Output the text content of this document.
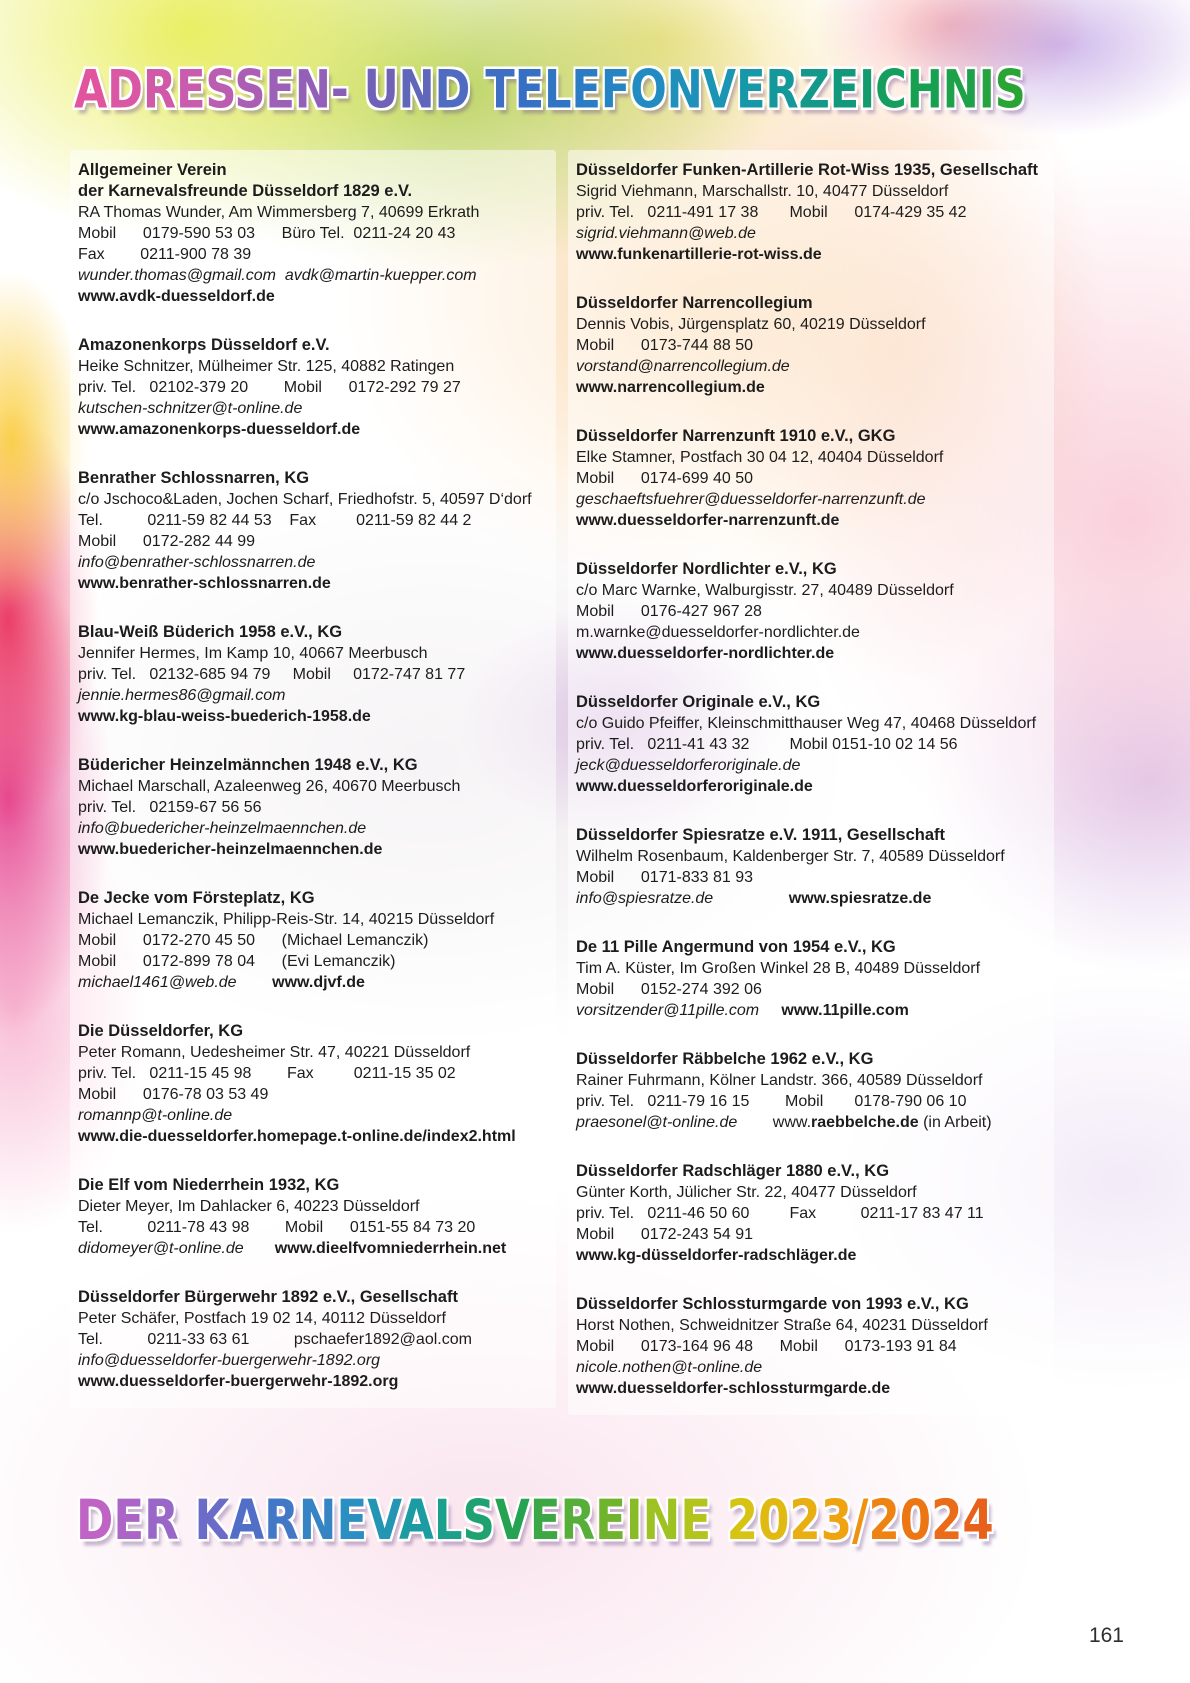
ADRESSEN- UND TELEFONVERZEICHNIS
Allgemeiner Verein
der Karnevalsfreunde Düsseldorf 1829 e.V.
RA Thomas Wunder, Am Wimmersberg 7, 40699 Erkrath
Mobil      0179-590 53 03      Büro Tel.  0211-24 20 43
Fax        0211-900 78 39
wunder.thomas@gmail.com  avdk@martin-kuepper.com
www.avdk-duesseldorf.de
Amazonenkorps Düsseldorf e.V.
Heike Schnitzer, Mülheimer Str. 125, 40882 Ratingen
priv. Tel.   02102-379 20        Mobil      0172-292 79 27
kutschen-schnitzer@t-online.de
www.amazonenkorps-duesseldorf.de
Benrather Schlossnarren, KG
c/o Jschoco&Laden, Jochen Scharf, Friedhofstr. 5, 40597 D‘dorf
Tel.          0211-59 82 44 53    Fax         0211-59 82 44 2
Mobil      0172-282 44 99
info@benrather-schlossnarren.de
www.benrather-schlossnarren.de
Blau-Weiß Büderich 1958 e.V., KG
Jennifer Hermes, Im Kamp 10, 40667 Meerbusch
priv. Tel.   02132-685 94 79     Mobil     0172-747 81 77
jennie.hermes86@gmail.com
www.kg-blau-weiss-buederich-1958.de
Büdericher Heinzelmännchen 1948 e.V., KG
Michael Marschall, Azaleenweg 26, 40670 Meerbusch
priv. Tel.   02159-67 56 56
info@buedericher-heinzelmaennchen.de
www.buedericher-heinzelmaennchen.de
De Jecke vom Försteplatz, KG
Michael Lemanczik, Philipp-Reis-Str. 14, 40215 Düsseldorf
Mobil      0172-270 45 50      (Michael Lemanczik)
Mobil      0172-899 78 04      (Evi Lemanczik)
michael1461@web.de www.djvf.de
Die Düsseldorfer, KG
Peter Romann, Uedesheimer Str. 47, 40221 Düsseldorf
priv. Tel.   0211-15 45 98        Fax         0211-15 35 02
Mobil      0176-78 03 53 49
romannp@t-online.de
www.die-duesseldorfer.homepage.t-online.de/index2.html
Die Elf vom Niederrhein 1932, KG
Dieter Meyer, Im Dahlacker 6, 40223 Düsseldorf
Tel.          0211-78 43 98        Mobil      0151-55 84 73 20
didomeyer@t-online.de www.dieelfvomniederrhein.net
Düsseldorfer Bürgerwehr 1892 e.V., Gesellschaft
Peter Schäfer, Postfach 19 02 14, 40112 Düsseldorf
Tel.          0211-33 63 61          pschaefer1892@aol.com
info@duesseldorfer-buergerwehr-1892.org
www.duesseldorfer-buergerwehr-1892.org
Düsseldorfer Funken-Artillerie Rot-Wiss 1935, Gesellschaft
Sigrid Viehmann, Marschallstr. 10, 40477 Düsseldorf
priv. Tel.   0211-491 17 38       Mobil      0174-429 35 42
sigrid.viehmann@web.de
www.funkenartillerie-rot-wiss.de
Düsseldorfer Narrencollegium
Dennis Vobis, Jürgensplatz 60, 40219 Düsseldorf
Mobil      0173-744 88 50
vorstand@narrencollegium.de
www.narrencollegium.de
Düsseldorfer Narrenzunft 1910 e.V., GKG
Elke Stamner, Postfach 30 04 12, 40404 Düsseldorf
Mobil      0174-699 40 50
geschaeftsfuehrer@duesseldorfer-narrenzunft.de
www.duesseldorfer-narrenzunft.de
Düsseldorfer Nordlichter e.V., KG
c/o Marc Warnke, Walburgisstr. 27, 40489 Düsseldorf
Mobil      0176-427 967 28
m.warnke@duesseldorfer-nordlichter.de
www.duesseldorfer-nordlichter.de
Düsseldorfer Originale e.V., KG
c/o Guido Pfeiffer, Kleinschmitthauser Weg 47, 40468 Düsseldorf
priv. Tel.   0211-41 43 32         Mobil 0151-10 02 14 56
jeck@duesseldorferoriginale.de
www.duesseldorferoriginale.de
Düsseldorfer Spiesratze e.V. 1911, Gesellschaft
Wilhelm Rosenbaum, Kaldenberger Str. 7, 40589 Düsseldorf
Mobil      0171-833 81 93
info@spiesratze.de	www.spiesratze.de
De 11 Pille Angermund von 1954 e.V., KG
Tim A. Küster, Im Großen Winkel 28 B, 40489 Düsseldorf
Mobil      0152-274 392 06
vorsitzender@11pille.com www.11pille.com
Düsseldorfer Räbbelche 1962 e.V., KG
Rainer Fuhrmann, Kölner Landstr. 366, 40589 Düsseldorf
priv. Tel.   0211-79 16 15        Mobil       0178-790 06 10
praesonel@t-online.de        www.raebbelche.de (in Arbeit)
Düsseldorfer Radschläger 1880 e.V., KG
Günter Korth, Jülicher Str. 22, 40477 Düsseldorf
priv. Tel.   0211-46 50 60         Fax          0211-17 83 47 11
Mobil      0172-243 54 91
www.kg-düsseldorfer-radschläger.de
Düsseldorfer Schlossturmgarde von 1993 e.V., KG
Horst Nothen, Schweidnitzer Straße 64, 40231 Düsseldorf
Mobil      0173-164 96 48      Mobil      0173-193 91 84
nicole.nothen@t-online.de
www.duesseldorfer-schlossturmgarde.de
DER KARNEVALSVEREINE 2023/2024
161
